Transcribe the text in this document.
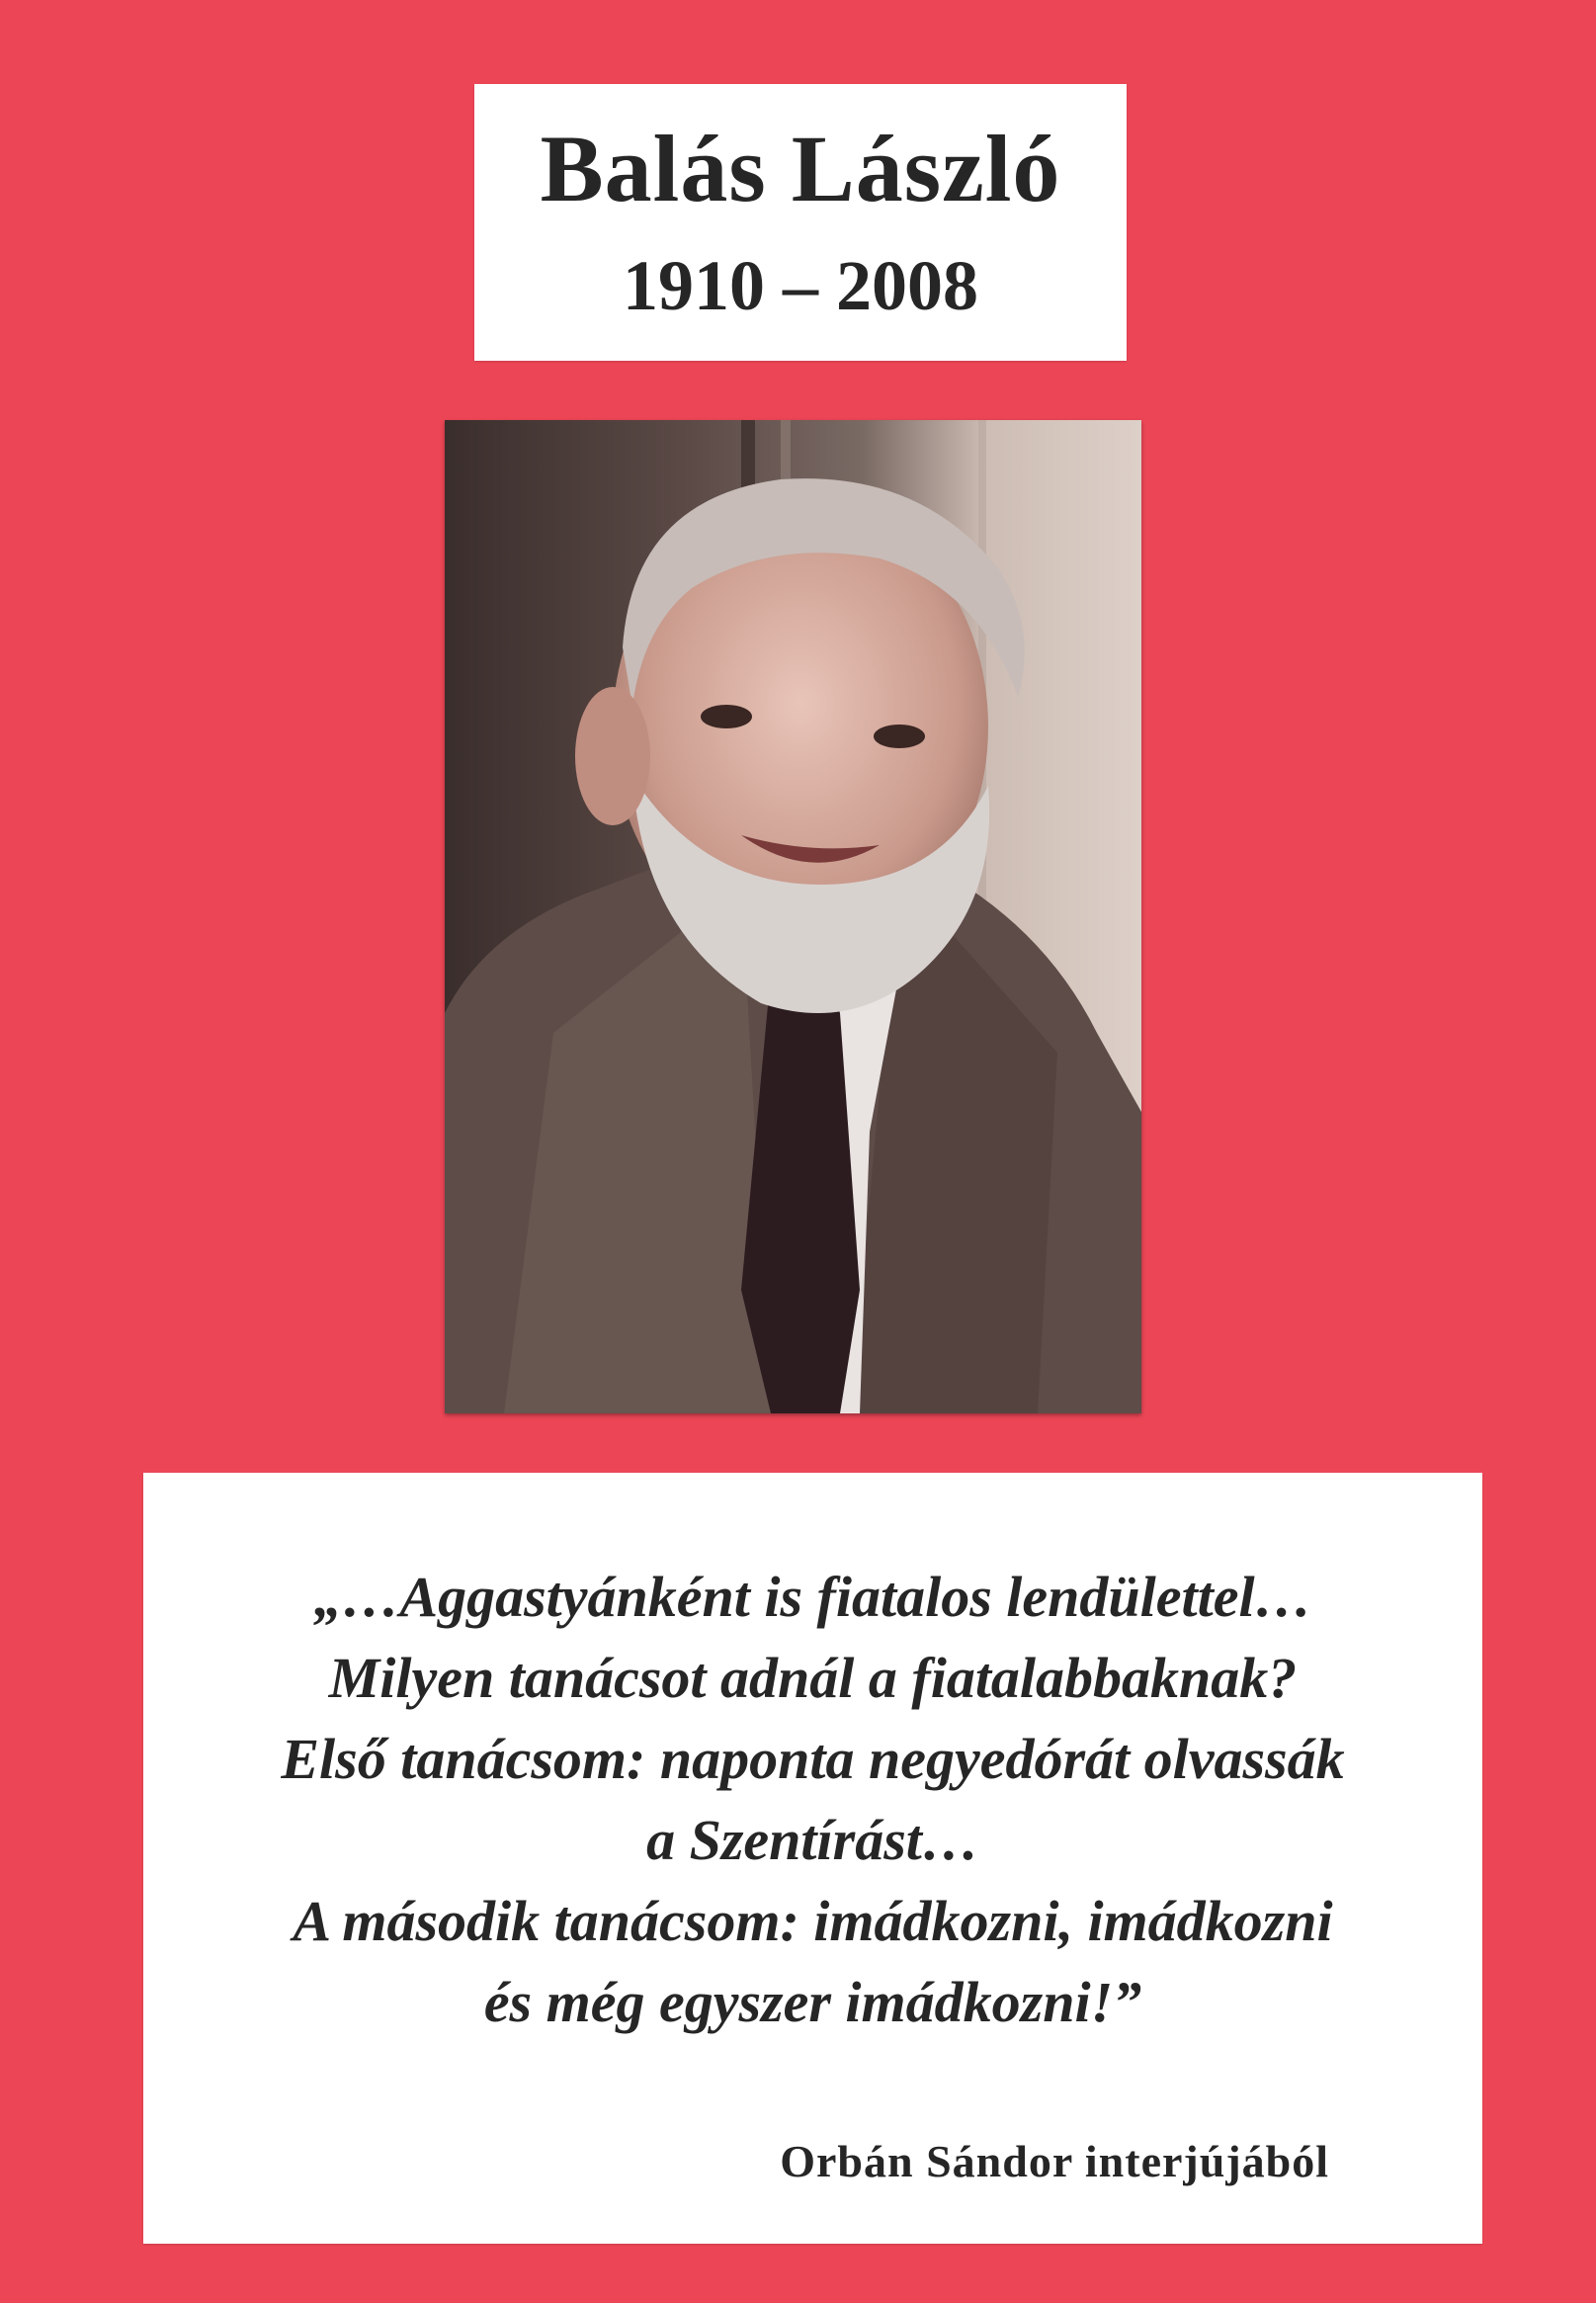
Balás László
1910 – 2008
„…Aggastyánként is fiatalos lendülettel…
Milyen tanácsot adnál a fiatalabbaknak?
Első tanácsom: naponta negyedórát olvassák
a Szentírást…
A második tanácsom: imádkozni, imádkozni
és még egyszer imádkozni!”
Orbán Sándor interjújából
